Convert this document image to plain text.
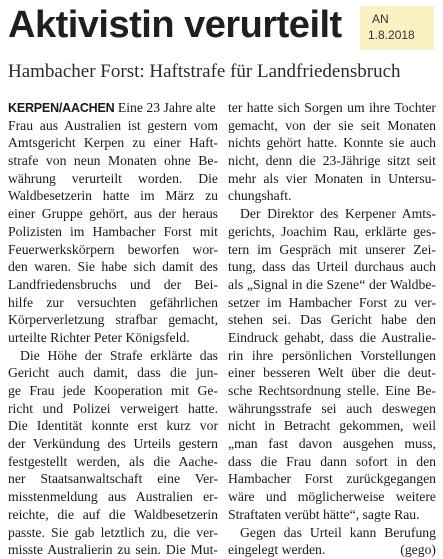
Aktivistin verurteilt	AN
1.8.2018
Hambacher Forst: Haftstrafe für Landfriedensbruch
KERPEN/AACHEN Eine 23 Jahre alte
Frau aus Australien ist gestern vom
Amtsgericht Kerpen zu einer Haft-
strafe von neun Monaten ohne Be-
währung verurteilt worden. Die
Waldbesetzerin hatte im März zu
einer Gruppe gehört, aus der heraus
Polizisten im Hambacher Forst mit
Feuerwerkskörpern beworfen wor-
den waren. Sie habe sich damit des
Landfriedensbruchs und der Bei-
hilfe zur versuchten gefährlichen
Körperverletzung strafbar gemacht,
urteilte Richter Peter Königsfeld.
Die Höhe der Strafe erklärte das
Gericht auch damit, dass die jun-
ge Frau jede Kooperation mit Ge-
richt und Polizei verweigert hatte.
Die Identität konnte erst kurz vor
der Verkündung des Urteils gestern
festgestellt werden, als die Aache-
ner Staatsanwaltschaft eine Ver-
misstenmeldung aus Australien er-
reichte, die auf die Waldbesetzerin
passte. Sie gab letztlich zu, die ver-
misste Australierin zu sein. Die Mut-
ter hatte sich Sorgen um ihre Tochter
gemacht, von der sie seit Monaten
nichts gehört hatte. Konnte sie auch
nicht, denn die 23-Jährige sitzt seit
mehr als vier Monaten in Untersu-
chungshaft.
Der Direktor des Kerpener Amts-
gerichts, Joachim Rau, erklärte ges-
tern im Gespräch mit unserer Zei-
tung, dass das Urteil durchaus auch
als „Signal in die Szene“ der Waldbe-
setzer im Hambacher Forst zu ver-
stehen sei. Das Gericht habe den
Eindruck gehabt, dass die Australie-
rin ihre persönlichen Vorstellungen
einer besseren Welt über die deut-
sche Rechtsordnung stelle. Eine Be-
währungsstrafe sei auch deswegen
nicht in Betracht gekommen, weil
„man fast davon ausgehen muss,
dass die Frau dann sofort in den
Hambacher Forst zurückgegangen
wäre und möglicherweise weitere
Straftaten verübt hätte“, sagte Rau.
Gegen das Urteil kann Berufung
eingelegt werden.	(gego)
